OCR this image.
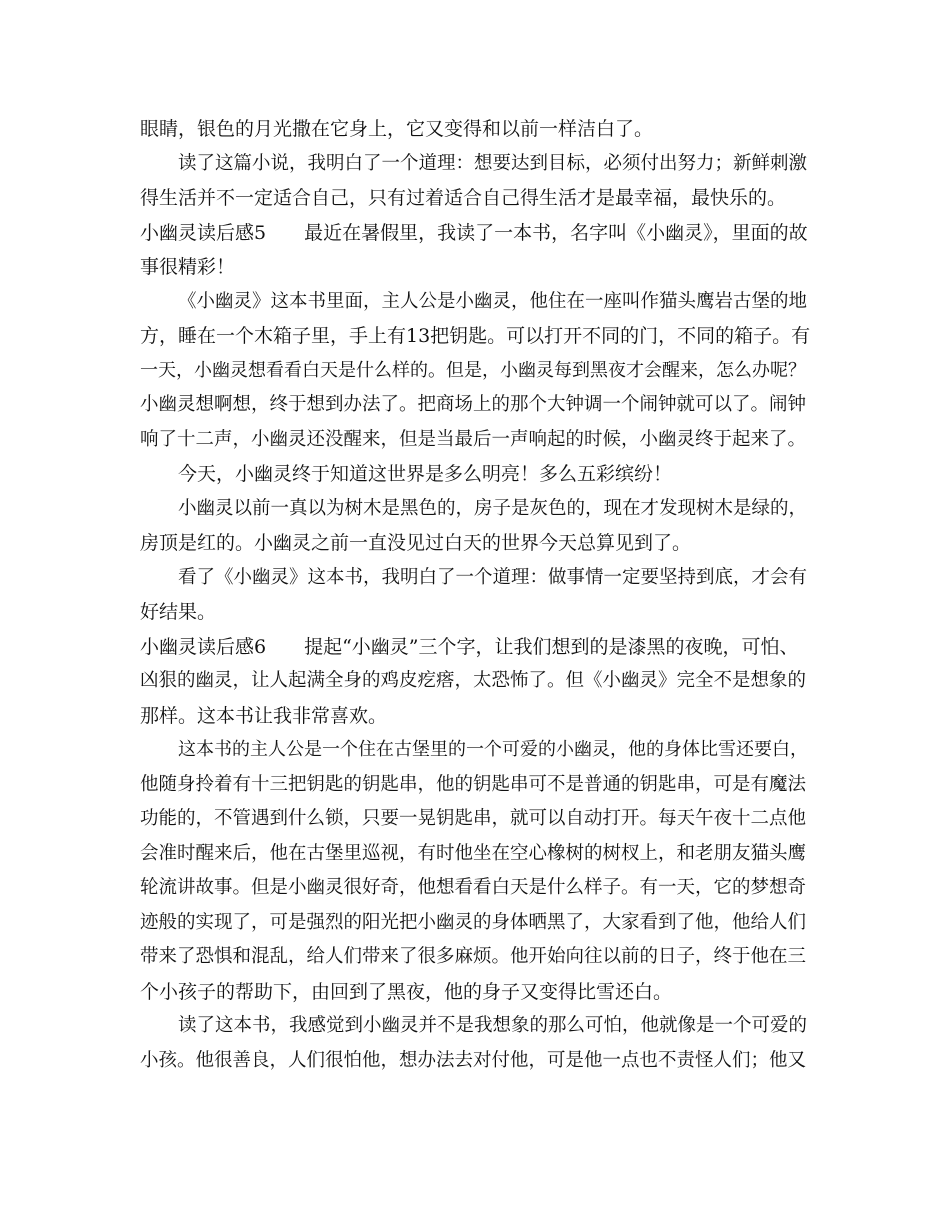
眼睛，银色的月光撒在它身上，它又变得和以前一样洁白了。
读了这篇小说，我明白了一个道理：想要达到目标，必须付出努力；新鲜刺激
得生活并不一定适合自己，只有过着适合自己得生活才是最幸福，最快乐的。
小幽灵读后感5　　最近在暑假里，我读了一本书，名字叫《小幽灵》，里面的故
事很精彩！
《小幽灵》这本书里面，主人公是小幽灵，他住在一座叫作猫头鹰岩古堡的地
方，睡在一个木箱子里，手上有13把钥匙。可以打开不同的门，不同的箱子。有
一天，小幽灵想看看白天是什么样的。但是，小幽灵每到黑夜才会醒来，怎么办呢？
小幽灵想啊想，终于想到办法了。把商场上的那个大钟调一个闹钟就可以了。闹钟
响了十二声，小幽灵还没醒来，但是当最后一声响起的时候，小幽灵终于起来了。
今天，小幽灵终于知道这世界是多么明亮！多么五彩缤纷！
小幽灵以前一真以为树木是黑色的，房子是灰色的，现在才发现树木是绿的，
房顶是红的。小幽灵之前一直没见过白天的世界今天总算见到了。
看了《小幽灵》这本书，我明白了一个道理：做事情一定要坚持到底，才会有
好结果。
小幽灵读后感6　　提起“小幽灵”三个字，让我们想到的是漆黑的夜晚，可怕、
凶狠的幽灵，让人起满全身的鸡皮疙瘩，太恐怖了。但《小幽灵》完全不是想象的
那样。这本书让我非常喜欢。
这本书的主人公是一个住在古堡里的一个可爱的小幽灵，他的身体比雪还要白，
他随身拎着有十三把钥匙的钥匙串，他的钥匙串可不是普通的钥匙串，可是有魔法
功能的，不管遇到什么锁，只要一晃钥匙串，就可以自动打开。每天午夜十二点他
会准时醒来后，他在古堡里巡视，有时他坐在空心橡树的树杈上，和老朋友猫头鹰
轮流讲故事。但是小幽灵很好奇，他想看看白天是什么样子。有一天，它的梦想奇
迹般的实现了，可是强烈的阳光把小幽灵的身体晒黑了，大家看到了他，他给人们
带来了恐惧和混乱，给人们带来了很多麻烦。他开始向往以前的日子，终于他在三
个小孩子的帮助下，由回到了黑夜，他的身子又变得比雪还白。
读了这本书，我感觉到小幽灵并不是我想象的那么可怕，他就像是一个可爱的
小孩。他很善良，人们很怕他，想办法去对付他，可是他一点也不责怪人们；他又
